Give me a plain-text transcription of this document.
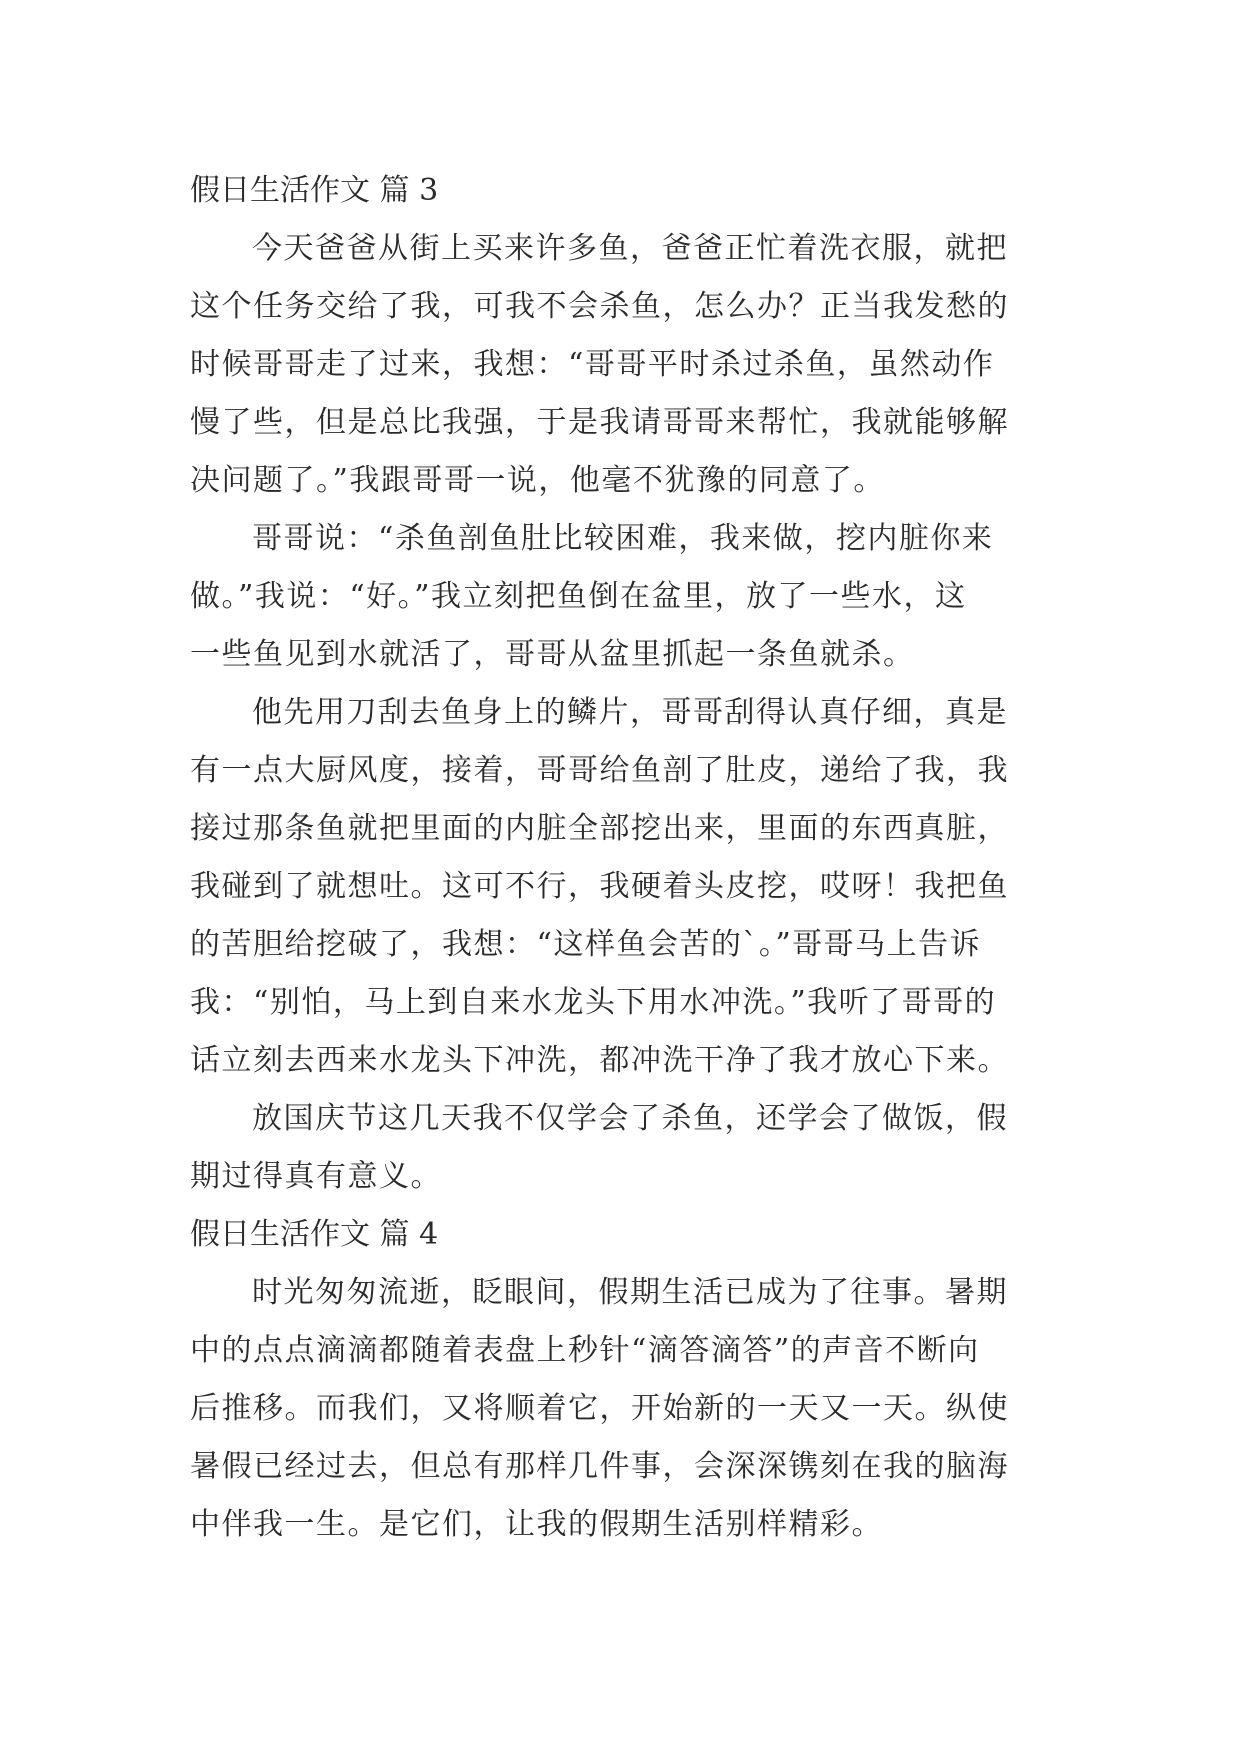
假日生活作文 篇 3

今天爸爸从街上买来许多鱼，爸爸正忙着洗衣服，就把
这个任务交给了我，可我不会杀鱼，怎么办？正当我发愁的
时候哥哥走了过来，我想：“哥哥平时杀过杀鱼，虽然动作
慢了些，但是总比我强，于是我请哥哥来帮忙，我就能够解
决问题了。”我跟哥哥一说，他毫不犹豫的同意了。

哥哥说：“杀鱼剖鱼肚比较困难，我来做，挖内脏你来
做。”我说：“好。”我立刻把鱼倒在盆里，放了一些水，这
一些鱼见到水就活了，哥哥从盆里抓起一条鱼就杀。

他先用刀刮去鱼身上的鳞片，哥哥刮得认真仔细，真是
有一点大厨风度，接着，哥哥给鱼剖了肚皮，递给了我，我
接过那条鱼就把里面的内脏全部挖出来，里面的东西真脏，
我碰到了就想吐。这可不行，我硬着头皮挖，哎呀！我把鱼
的苦胆给挖破了，我想：“这样鱼会苦的`。”哥哥马上告诉
我：“别怕，马上到自来水龙头下用水冲洗。”我听了哥哥的
话立刻去西来水龙头下冲洗，都冲洗干净了我才放心下来。

放国庆节这几天我不仅学会了杀鱼，还学会了做饭，假
期过得真有意义。

假日生活作文 篇 4

时光匆匆流逝，眨眼间，假期生活已成为了往事。暑期
中的点点滴滴都随着表盘上秒针“滴答滴答”的声音不断向
后推移。而我们，又将顺着它，开始新的一天又一天。纵使
暑假已经过去，但总有那样几件事，会深深镌刻在我的脑海
中伴我一生。是它们，让我的假期生活别样精彩。
